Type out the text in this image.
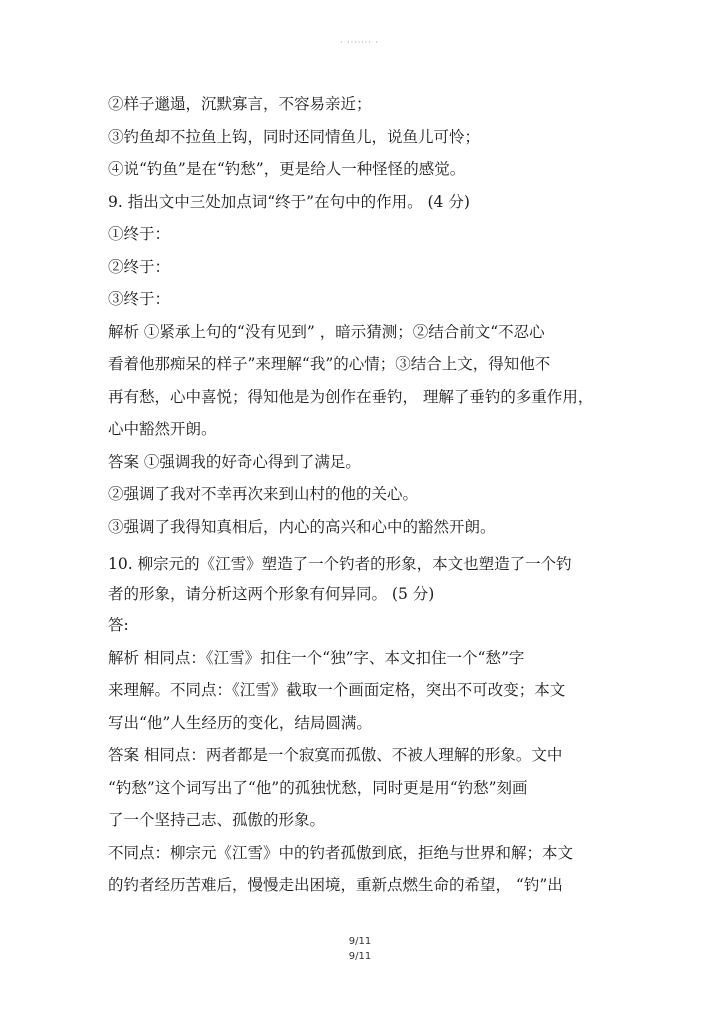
· ······· ·
②样子邋遢，沉默寡言，不容易亲近；
③钓鱼却不拉鱼上钩，同时还同情鱼儿，说鱼儿可怜；
④说“钓鱼”是在“钓愁”，更是给人一种怪怪的感觉。
9. 指出文中三处加点词“终于”在句中的作用。 (4 分)
①终于：
②终于：
③终于：
解析 ①紧承上句的“没有见到” ，暗示猜测；②结合前文“不忍心
看着他那痴呆的样子”来理解“我”的心情；③结合上文，得知他不
再有愁，心中喜悦；得知他是为创作在垂钓， 理解了垂钓的多重作用，
心中豁然开朗。
答案 ①强调我的好奇心得到了满足。
②强调了我对不幸再次来到山村的他的关心。
③强调了我得知真相后，内心的高兴和心中的豁然开朗。
10. 柳宗元的《江雪》塑造了一个钓者的形象，本文也塑造了一个钓
者的形象，请分析这两个形象有何异同。 (5 分)
答:
解析 相同点：《江雪》扣住一个“独”字、本文扣住一个“愁”字
来理解。不同点：《江雪》截取一个画面定格，突出不可改变；本文
写出“他”人生经历的变化，结局圆满。
答案 相同点：两者都是一个寂寞而孤傲、不被人理解的形象。文中
“钓愁”这个词写出了“他”的孤独忧愁，同时更是用“钓愁”刻画
了一个坚持己志、孤傲的形象。
不同点：柳宗元《江雪》中的钓者孤傲到底，拒绝与世界和解；本文
的钓者经历苦难后，慢慢走出困境，重新点燃生命的希望， “钓”出
9/11
9/11
